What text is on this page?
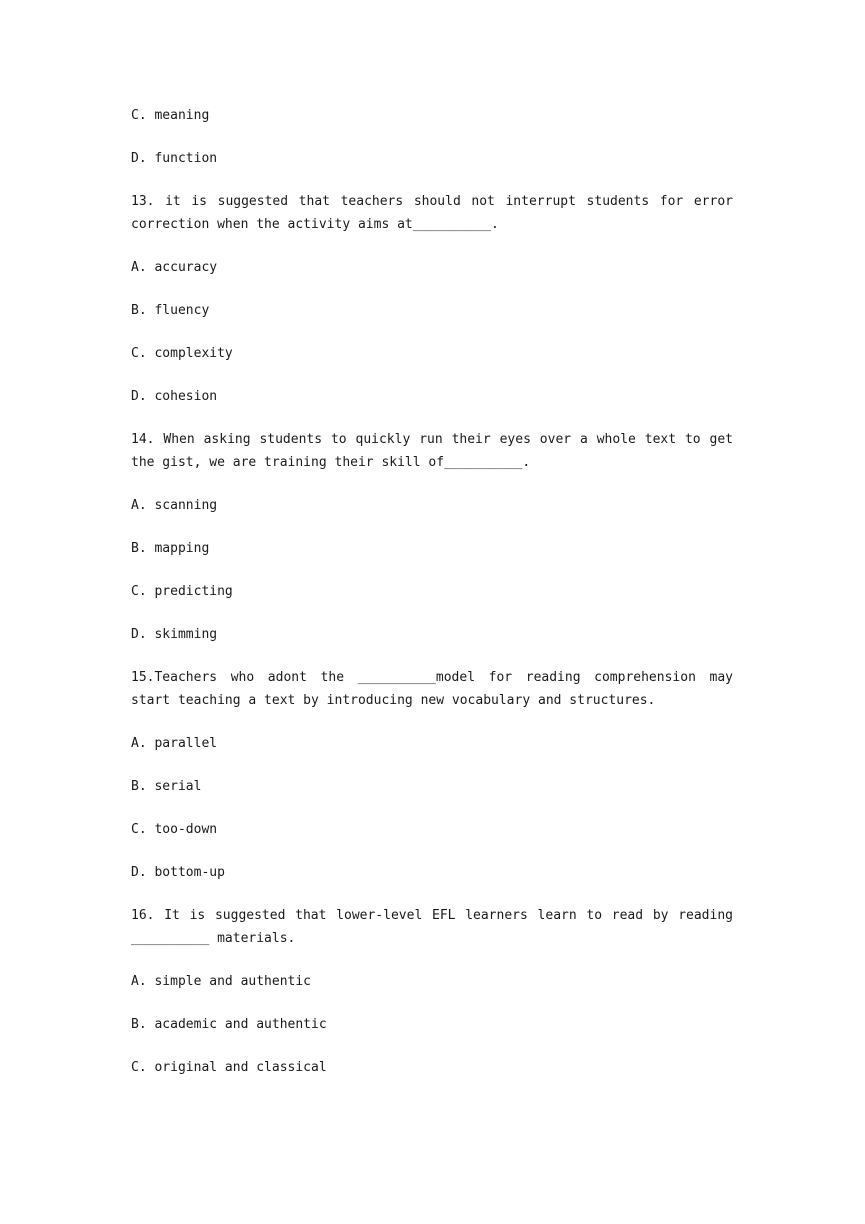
C. meaning

D. function

13. it is suggested that teachers should not interrupt students for error correction when the activity aims at__________.

A. accuracy

B. fluency

C. complexity

D. cohesion

14. When asking students to quickly run their eyes over a whole text to get the gist, we are training their skill of__________.

A. scanning

B. mapping

C. predicting

D. skimming

15.Teachers who adont the __________model for reading comprehension may start teaching a text by introducing new vocabulary and structures.

A. parallel

B. serial

C. too-down

D. bottom-up

16. It is suggested that lower-level EFL learners learn to read by reading __________ materials.

A. simple and authentic

B. academic and authentic

C. original and classical
